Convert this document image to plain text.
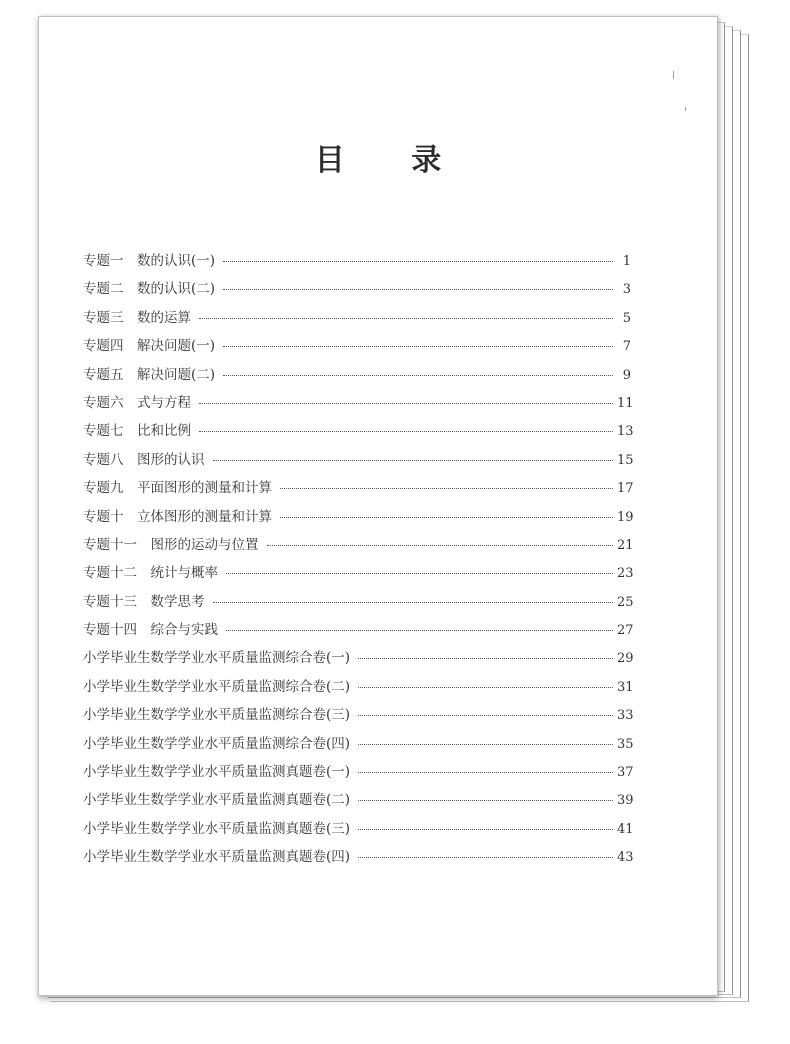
目 录
专题一　数的认识(一)	1
专题二　数的认识(二)	3
专题三　数的运算	5
专题四　解决问题(一)	7
专题五　解决问题(二)	9
专题六　式与方程	11
专题七　比和比例	13
专题八　图形的认识	15
专题九　平面图形的测量和计算	17
专题十　立体图形的测量和计算	19
专题十一　图形的运动与位置	21
专题十二　统计与概率	23
专题十三　数学思考	25
专题十四　综合与实践	27
小学毕业生数学学业水平质量监测综合卷(一)	29
小学毕业生数学学业水平质量监测综合卷(二)	31
小学毕业生数学学业水平质量监测综合卷(三)	33
小学毕业生数学学业水平质量监测综合卷(四)	35
小学毕业生数学学业水平质量监测真题卷(一)	37
小学毕业生数学学业水平质量监测真题卷(二)	39
小学毕业生数学学业水平质量监测真题卷(三)	41
小学毕业生数学学业水平质量监测真题卷(四)	43
